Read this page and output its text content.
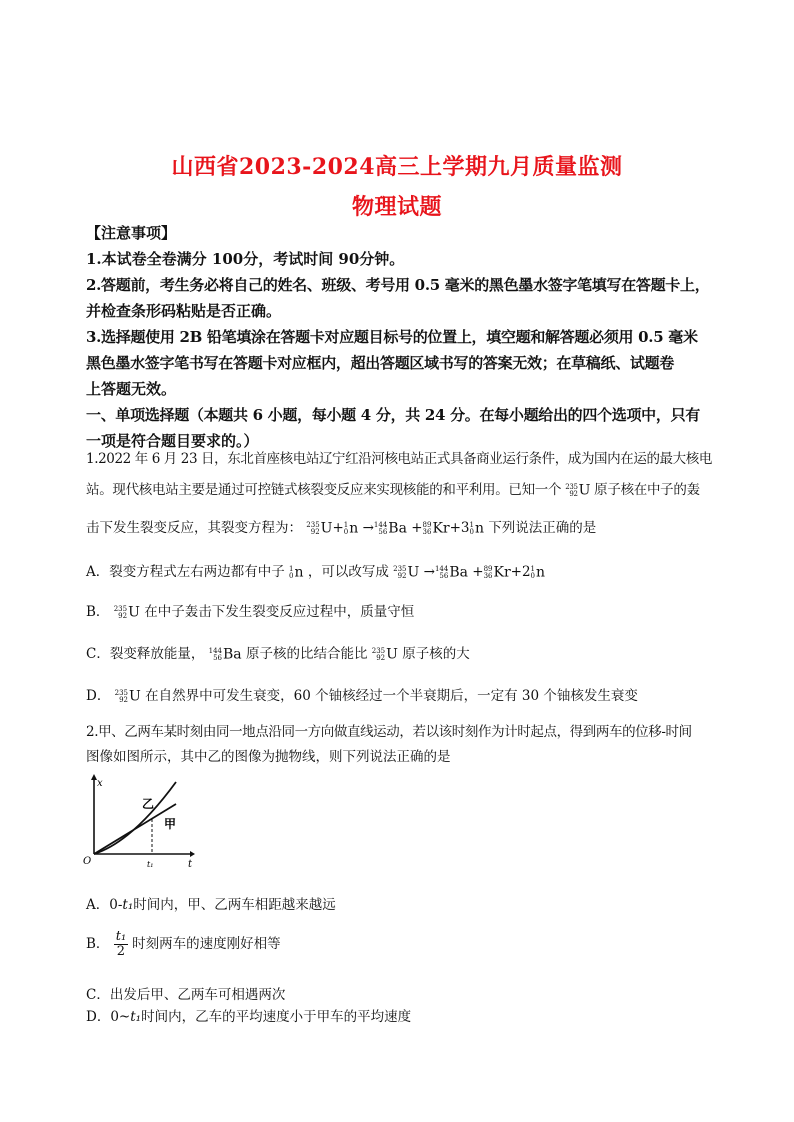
山西省2023-2024高三上学期九月质量监测
物理试题
【注意事项】
1.本试卷全卷满分 100分，考试时间 90分钟。
2.答题前，考生务必将自己的姓名、班级、考号用 0.5 毫米的黑色墨水签字笔填写在答题卡上，
并检查条形码粘贴是否正确。
3.选择题使用 2B 铅笔填涂在答题卡对应题目标号的位置上，填空题和解答题必须用 0.5 毫米
黑色墨水签字笔书写在答题卡对应框内，超出答题区域书写的答案无效；在草稿纸、试题卷
上答题无效。
一、单项选择题（本题共 6 小题，每小题 4 分，共 24 分。在每小题给出的四个选项中，只有
一项是符合题目要求的。）
1.2022 年 6 月 23 日，东北首座核电站辽宁红沿河核电站正式具备商业运行条件，成为国内在运的最大核电
站。现代核电站主要是通过可控链式核裂变反应来实现核能的和平利用。已知一个 235
92 U 原子核在中子的轰
击下发生裂变反应，其裂变方程为： 235
92 U+ 1
0 n → 144
56 Ba + 89
36 Kr+3 1
0 n 下列说法正确的是
A．裂变方程式左右两边都有中子 1
0 n ，可以改写成 235
92 U → 144
56 Ba + 89
36 Kr+2 1
0 n
B． 235
92 U 在中子轰击下发生裂变反应过程中，质量守恒
C．裂变释放能量， 144
56 Ba 原子核的比结合能比 235
92 U 原子核的大
D． 235
92 U 在自然界中可发生衰变，60 个铀核经过一个半衰期后，一定有 30 个铀核发生衰变
2.甲、乙两车某时刻由同一地点沿同一方向做直线运动，若以该时刻作为计时起点，得到两车的位移-时间
图像如图所示，其中乙的图像为抛物线，则下列说法正确的是
x
t
O	t₁
乙
甲
A．0-t₁时间内，甲、乙两车相距越来越远
B． $\frac{\text{t₁}}{2}$ 时刻两车的速度刚好相等
C．出发后甲、乙两车可相遇两次
D．0~t₁时间内，乙车的平均速度小于甲车的平均速度
